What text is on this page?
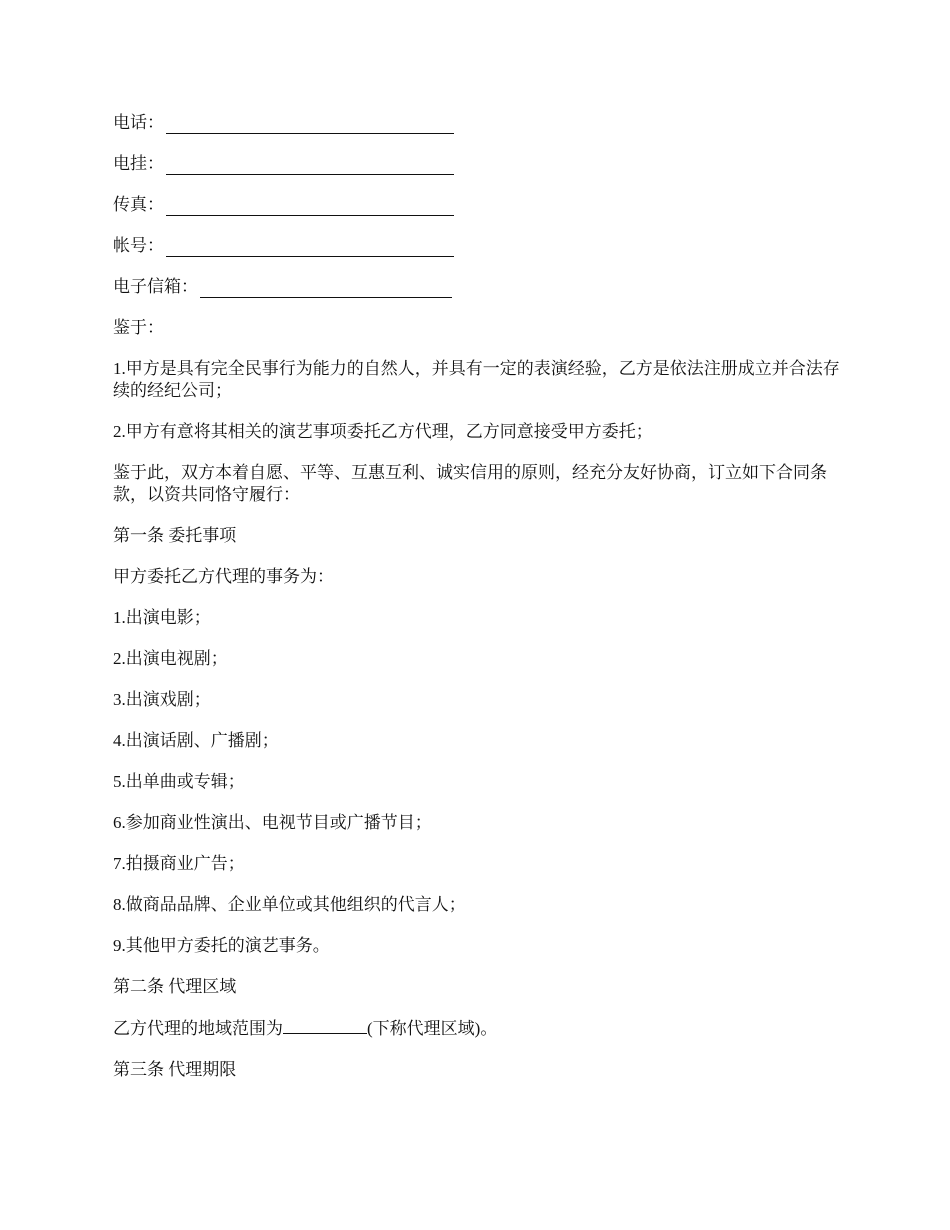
电话：
电挂：
传真：
帐号：
电子信箱：

鉴于：

1.甲方是具有完全民事行为能力的自然人，并具有一定的表演经验，乙方是依法注册成立并合法存续的经纪公司；

2.甲方有意将其相关的演艺事项委托乙方代理，乙方同意接受甲方委托；

鉴于此，双方本着自愿、平等、互惠互利、诚实信用的原则，经充分友好协商，订立如下合同条款，以资共同恪守履行：

第一条 委托事项

甲方委托乙方代理的事务为：

1.出演电影；

2.出演电视剧；

3.出演戏剧；

4.出演话剧、广播剧；

5.出单曲或专辑；

6.参加商业性演出、电视节目或广播节目；

7.拍摄商业广告；

8.做商品品牌、企业单位或其他组织的代言人；

9.其他甲方委托的演艺事务。

第二条 代理区域

乙方代理的地域范围为	(下称代理区域)。

第三条 代理期限
